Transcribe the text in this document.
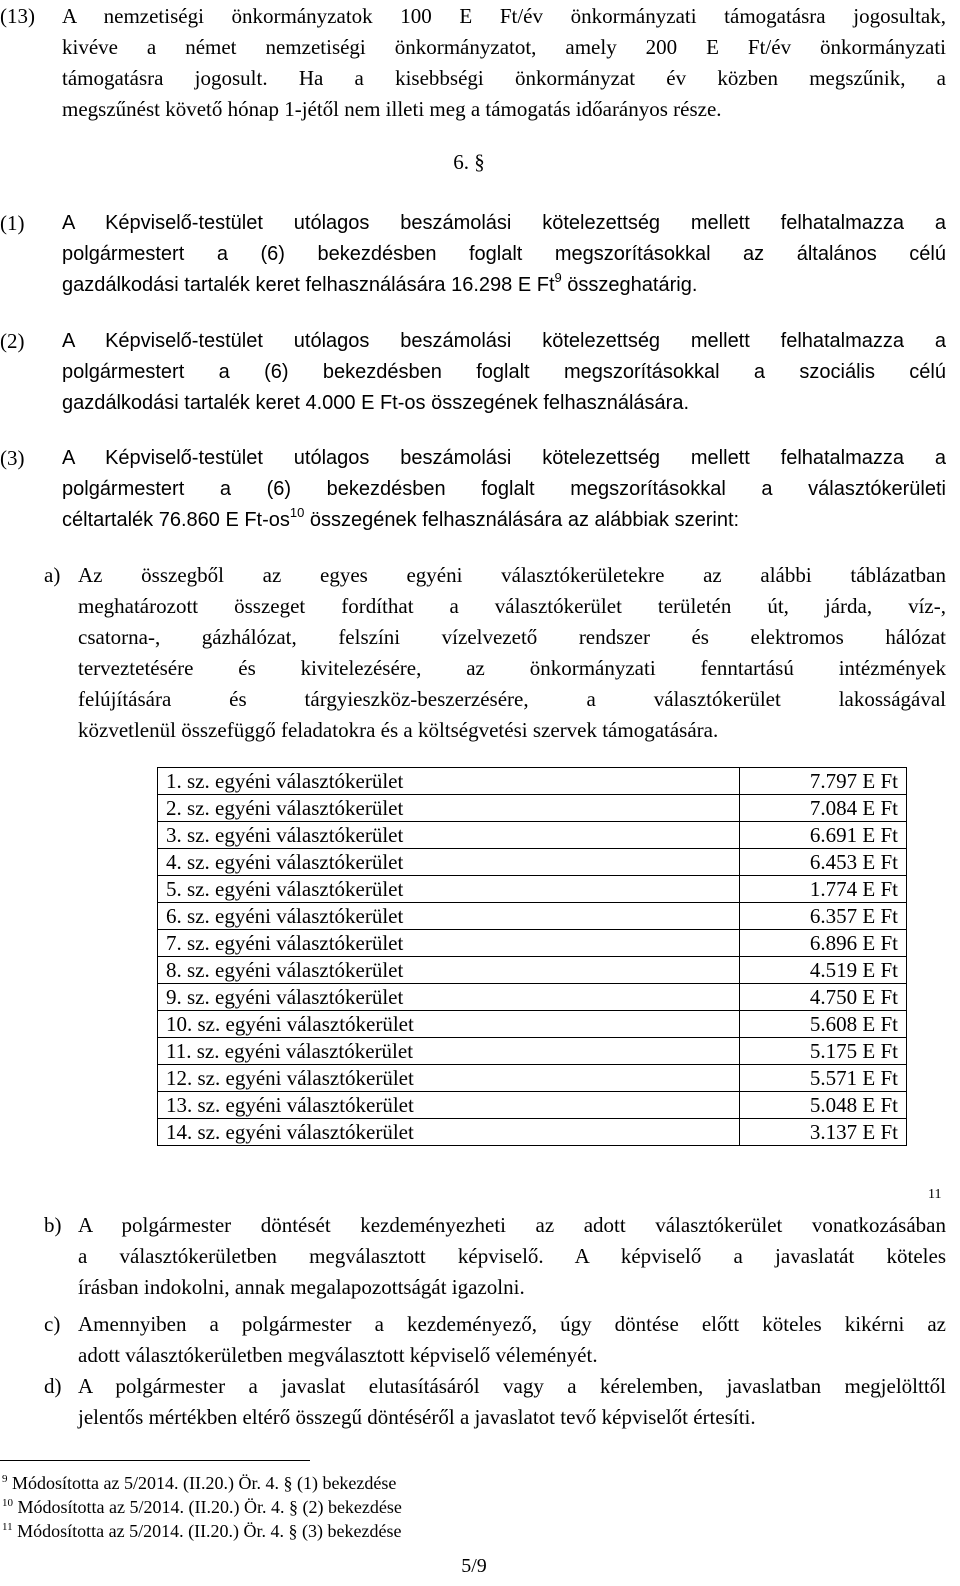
(13) A nemzetiségi önkormányzatok 100 E Ft/év önkormányzati támogatásra jogosultak,
kivéve a német nemzetiségi önkormányzatot, amely 200 E Ft/év önkormányzati
támogatásra jogosult. Ha a kisebbségi önkormányzat év közben megszűnik, a
megszűnést követő hónap 1-jétől nem illeti meg a támogatás időarányos része.
6. §
(1) A Képviselő-testület utólagos beszámolási kötelezettség mellett felhatalmazza a
polgármestert a (6) bekezdésben foglalt megszorításokkal az általános célú
gazdálkodási tartalék keret felhasználására 16.298 E Ft$^9$ összeghatárig.
(2) A Képviselő-testület utólagos beszámolási kötelezettség mellett felhatalmazza a
polgármestert a (6) bekezdésben foglalt megszorításokkal a szociális célú
gazdálkodási tartalék keret 4.000 E Ft-os összegének felhasználására.
(3) A Képviselő-testület utólagos beszámolási kötelezettség mellett felhatalmazza a
polgármestert a (6) bekezdésben foglalt megszorításokkal a választókerületi
céltartalék 76.860 E $Ft-os^{10}$ összegének felhasználására az alábbiak szerint:
a) Az összegből az egyes egyéni választókerületekre az alábbi táblázatban
meghatározott összeget fordíthat a választókerület területén út, járda, víz-,
csatorna-, gázhálózat, felszíni vízelvezető rendszer és elektromos hálózat
terveztetésére és kivitelezésére, az önkormányzati fenntartású intézmények
felújítására és tárgyieszköz-beszerzésére, a választókerület lakosságával
közvetlenül összefüggő feladatokra és a költségvetési szervek támogatására.
1. sz. egyéni választókerület	7.797 E Ft
2. sz. egyéni választókerület	7.084 E Ft
3. sz. egyéni választókerület	6.691 E Ft
4. sz. egyéni választókerület	6.453 E Ft
5. sz. egyéni választókerület	1.774 E Ft
6. sz. egyéni választókerület	6.357 E Ft
7. sz. egyéni választókerület	6.896 E Ft
8. sz. egyéni választókerület	4.519 E Ft
9. sz. egyéni választókerület	4.750 E Ft
10. sz. egyéni választókerület	5.608 E Ft
11. sz. egyéni választókerület	5.175 E Ft
12. sz. egyéni választókerület	5.571 E Ft
13. sz. egyéni választókerület	5.048 E Ft
14. sz. egyéni választókerület	3.137 E Ft
11
b) A polgármester döntését kezdeményezheti az adott választókerület vonatkozásában
a választókerületben megválasztott képviselő. A képviselő a javaslatát köteles
írásban indokolni, annak megalapozottságát igazolni.
c) Amennyiben a polgármester a kezdeményező, úgy döntése előtt köteles kikérni az
adott választókerületben megválasztott képviselő véleményét.
d) A polgármester a javaslat elutasításáról vagy a kérelemben, javaslatban megjelölttől
jelentős mértékben eltérő összegű döntéséről a javaslatot tevő képviselőt értesíti.
$^9$ Módosította az 5/2014. (II.20.) Ör. 4. § (1) bekezdése
$^{10}$ Módosította az 5/2014. (II.20.) Ör. 4. § (2) bekezdése
$^{11}$ Módosította az 5/2014. (II.20.) Ör. 4. § (3) bekezdése
5/9
